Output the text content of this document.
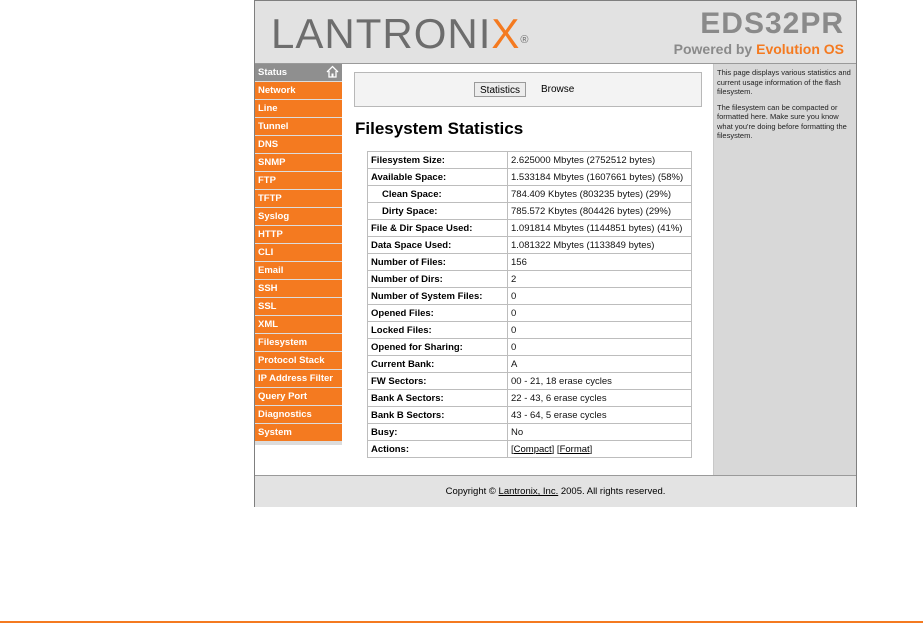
LANTRONIX®	EDS32PR
Powered by Evolution OS
Status
Network
Line
Tunnel
DNS
SNMP
FTP
TFTP
Syslog
HTTP
CLI
Email
SSH
SSL
XML
Filesystem
Protocol Stack
IP Address Filter
Query Port
Diagnostics
System
Statistics	Browse
Filesystem Statistics
Filesystem Size:	2.625000 Mbytes (2752512 bytes)
Available Space:	1.533184 Mbytes (1607661 bytes) (58%)
Clean Space:	784.409 Kbytes (803235 bytes) (29%)
Dirty Space:	785.572 Kbytes (804426 bytes) (29%)
File & Dir Space Used:	1.091814 Mbytes (1144851 bytes) (41%)
Data Space Used:	1.081322 Mbytes (1133849 bytes)
Number of Files:	156
Number of Dirs:	2
Number of System Files:	0
Opened Files:	0
Locked Files:	0
Opened for Sharing:	0
Current Bank:	A
FW Sectors:	00 - 21, 18 erase cycles
Bank A Sectors:	22 - 43, 6 erase cycles
Bank B Sectors:	43 - 64, 5 erase cycles
Busy:	No
Actions:	[Compact] [Format]

This page displays various statistics and current usage information of the flash filesystem.

The filesystem can be compacted or formatted here. Make sure you know what you're doing before formatting the filesystem.

Copyright © Lantronix, Inc. 2005. All rights reserved.
